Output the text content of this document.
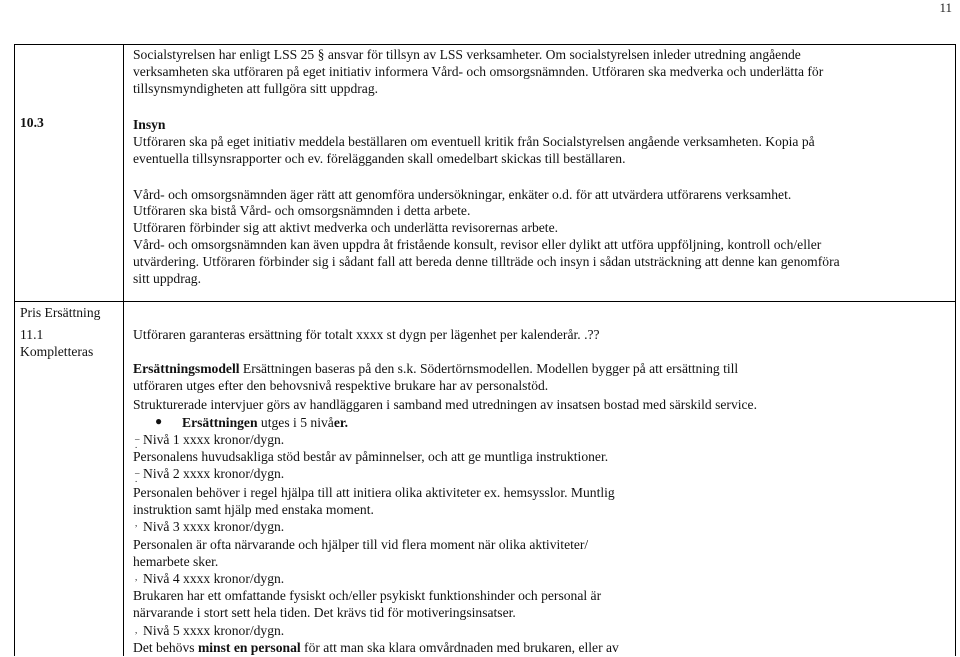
11
Socialstyrelsen har enligt LSS 25 § ansvar för tillsyn av LSS verksamheter. Om socialstyrelsen inleder utredning angående
verksamheten ska utföraren på eget initiativ informera Vård- och omsorgsnämnden. Utföraren ska medverka och underlätta för
tillsynsmyndigheten att fullgöra sitt uppdrag.
10.3	Insyn
Utföraren ska på eget initiativ meddela beställaren om eventuell kritik från Socialstyrelsen angående verksamheten. Kopia på
eventuella tillsynsrapporter och ev. förelägganden skall omedelbart skickas till beställaren.
Vård- och omsorgsnämnden äger rätt att genomföra undersökningar, enkäter o.d. för att utvärdera utförarens verksamhet.
Utföraren ska bistå Vård- och omsorgsnämnden i detta arbete.
Utföraren förbinder sig att aktivt medverka och underlätta revisorernas arbete.
Vård- och omsorgsnämnden kan även uppdra åt fristående konsult, revisor eller dylikt att utföra uppföljning, kontroll och/eller
utvärdering. Utföraren förbinder sig i sådant fall att bereda denne tillträde och insyn i sådan utsträckning att denne kan genomföra
sitt uppdrag.
Pris Ersättning
11.1
Kompletteras
Utföraren garanteras ersättning för totalt xxxx st dygn per lägenhet per kalenderår. .??
Ersättningsmodell Ersättningen baseras på den s.k. Södertörnsmodellen. Modellen bygger på att ersättning till
utföraren utges efter den behovsnivå respektive brukare har av personalstöd.
Strukturerade intervjuer görs av handläggaren i samband med utredningen av insatsen bostad med särskild service.
● Ersättningen utges i 5 nivåer.
_
.
_
.
,
,
,
Nivå 1 xxxx kronor/dygn.
Personalens huvudsakliga stöd består av påminnelser, och att ge muntliga instruktioner.
Nivå 2 xxxx kronor/dygn.
Personalen behöver i regel hjälpa till att initiera olika aktiviteter ex. hemsysslor. Muntlig
instruktion samt hjälp med enstaka moment.
Nivå 3 xxxx kronor/dygn.
Personalen är ofta närvarande och hjälper till vid flera moment när olika aktiviteter/
hemarbete sker.
Nivå 4 xxxx kronor/dygn.
Brukaren har ett omfattande fysiskt och/eller psykiskt funktionshinder och personal är
närvarande i stort sett hela tiden. Det krävs tid för motiveringsinsatser.
Nivå 5 xxxx kronor/dygn.
Det behövs minst en personal för att man ska klara omvårdnaden med brukaren, eller av
